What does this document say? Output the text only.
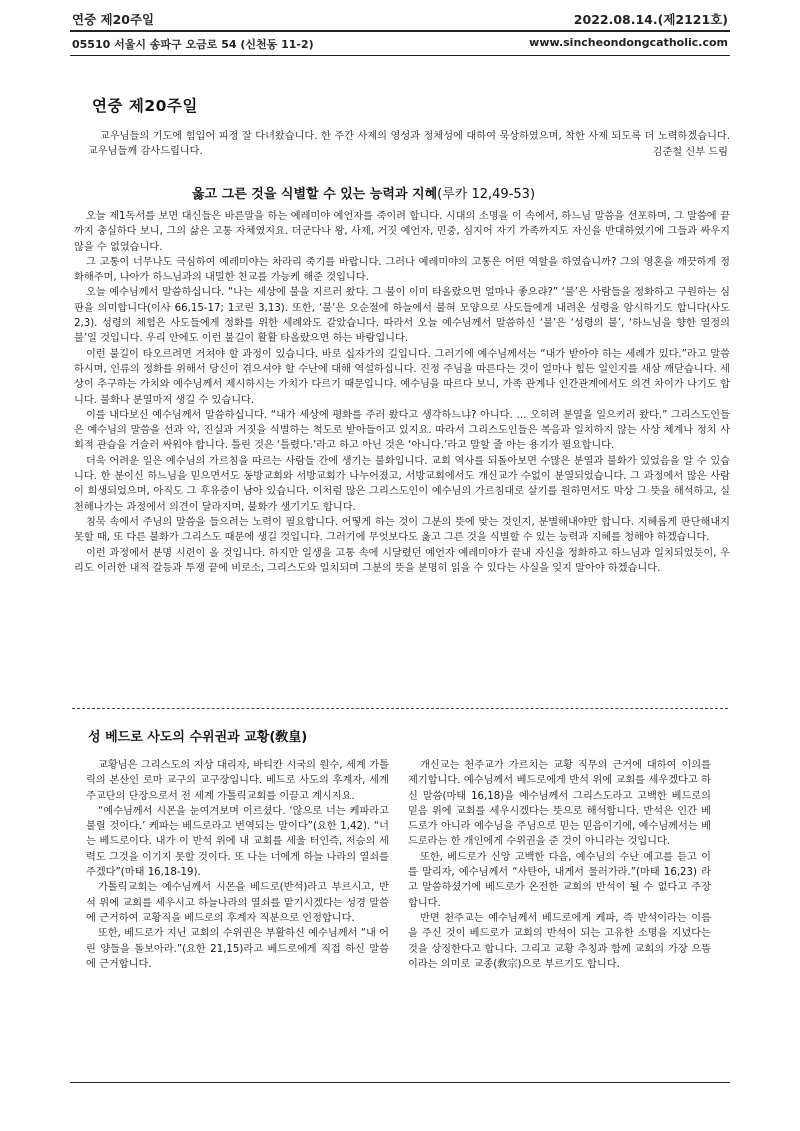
연중 제20주일	2022.08.14.(제2121호)
05510 서울시 송파구 오금로 54 (신천동 11-2)	www.sincheondongcatholic.com
연중 제20주일

교우님들의 기도에 힘입어 피정 잘 다녀왔습니다. 한 주간 사제의 영성과 정체성에 대하여 묵상하였으며, 착한 사제 되도록 더 노력하겠습니다. 교우님들께 감사드립니다.	김준철 신부 드림
옳고 그른 것을 식별할 수 있는 능력과 지혜(루카 12,49-53)

오늘 제1독서를 보면 대신들은 바른말을 하는 예레미야 예언자를 죽이려 합니다. 시대의 소명을 이 속에서, 하느님 말씀을 선포하며, 그 말씀에 끝까지 충실하다 보니, 그의 삶은 고통 자체였지요. 더군다나 왕, 사제, 거짓 예언자, 민중, 심지어 자기 가족까지도 자신을 반대하였기에 그들과 싸우지 않을 수 없었습니다.

그 고통이 너무나도 극심하여 예레미야는 차라리 죽기를 바랍니다. 그러나 예레미야의 고통은 어떤 역할을 하였습니까? 그의 영혼을 깨끗하게 정화해주며, 나아가 하느님과의 내밀한 친교를 가능케 해준 것입니다.

오늘 예수님께서 말씀하십니다. “나는 세상에 불을 지르러 왔다. 그 불이 이미 타올랐으면 얼마나 좋으랴?” ‘불’은 사람들을 정화하고 구원하는 심판을 의미합니다(이사 66,15-17; 1코린 3,13). 또한, ‘불’은 오순절에 하늘에서 불혀 모양으로 사도들에게 내려온 성령을 암시하기도 합니다(사도 2,3). 성령의 체험은 사도들에게 정화를 위한 세례와도 같았습니다. 따라서 오늘 예수님께서 말씀하신 ‘불’은 ‘성령의 불’, ‘하느님을 향한 열정의 불’일 것입니다. 우리 안에도 이런 불길이 활활 타올랐으면 하는 바람입니다.

이런 불길이 타오르려면 거쳐야 할 과정이 있습니다. 바로 십자가의 길입니다. 그러기에 예수님께서는 “내가 받아야 하는 세례가 있다.”라고 말씀하시며, 인류의 정화를 위해서 당신이 겪으셔야 할 수난에 대해 역설하십니다. 진정 주님을 따른다는 것이 얼마나 힘든 일인지를 새삼 깨닫습니다. 세상이 추구하는 가치와 예수님께서 제시하시는 가치가 다르기 때문입니다. 예수님을 따르다 보니, 가족 관계나 인간관계에서도 의견 차이가 나기도 합니다. 불화나 분열마저 생길 수 있습니다.

이를 내다보신 예수님께서 말씀하십니다. “내가 세상에 평화를 주러 왔다고 생각하느냐? 아니다. … 오히려 분열을 일으키러 왔다.” 그리스도인들은 예수님의 말씀을 선과 악, 진실과 거짓을 식별하는 척도로 받아들이고 있지요. 따라서 그리스도인들은 복음과 일치하지 않는 사상 체계나 정치 사회적 관습을 거슬러 싸워야 합니다. 틀린 것은 ‘틀렸다.’라고 하고 아닌 것은 ‘아니다.’라고 말할 줄 아는 용기가 필요합니다.

더욱 어려운 일은 예수님의 가르침을 따르는 사람들 간에 생기는 불화입니다. 교회 역사를 되돌아보면 수많은 분열과 불화가 있었음을 알 수 있습니다. 한 분이신 하느님을 믿으면서도 동방교회와 서방교회가 나누어졌고, 서방교회에서도 개신교가 수없이 분열되었습니다. 그 과정에서 많은 사람이 희생되었으며, 아직도 그 후유증이 남아 있습니다. 이처럼 많은 그리스도인이 예수님의 가르침대로 살기를 원하면서도 막상 그 뜻을 해석하고, 실천해나가는 과정에서 의견이 달라지며, 불화가 생기기도 합니다.

침묵 속에서 주님의 말씀을 들으려는 노력이 필요합니다. 어떻게 하는 것이 그분의 뜻에 맞는 것인지, 분별해내야만 합니다. 지혜롭게 판단해내지 못할 때, 또 다른 불화가 그리스도 때문에 생길 것입니다. 그러기에 무엇보다도 옳고 그른 것을 식별할 수 있는 능력과 지혜를 청해야 하겠습니다.

이런 과정에서 분명 시련이 올 것입니다. 하지만 일생을 고통 속에 시달렸던 예언자 예레미야가 끝내 자신을 정화하고 하느님과 일치되었듯이, 우리도 이러한 내적 갈등과 투쟁 끝에 비로소, 그리스도와 일치되며 그분의 뜻을 분명히 읽을 수 있다는 사실을 잊지 말아야 하겠습니다.

성 베드로 사도의 수위권과 교황(敎皇)

교황님은 그리스도의 지상 대리자, 바티칸 시국의 원수, 세계 가톨릭의 본산인 로마 교구의 교구장입니다. 베드로 사도의 후계자, 세계 주교단의 단장으로서 전 세계 가톨릭교회를 이끌고 계시지요.

“예수님께서 시몬을 눈여겨보며 이르셨다. ‘않으로 너는 케파라고 불릴 것이다.’ 케파는 베드로라고 번역되는 말이다”(요한 1,42). “너는 베드로이다. 내가 이 반석 위에 내 교회를 세울 터인즉, 저승의 세력도 그것을 이기지 못할 것이다. 또 나는 너에게 하늘 나라의 열쇠를 주겠다”(마태 16,18-19).

가톨릭교회는 예수님께서 시몬을 베드로(반석)라고 부르시고, 반석 위에 교회를 세우시고 하늘나라의 열쇠를 맡기시겠다는 성경 말씀에 근거하여 교황직을 베드로의 후계자 직분으로 인정합니다.

또한, 베드로가 지닌 교회의 수위권은 부활하신 예수님께서 “내 어린 양들을 돌보아라.”(요한 21,15)라고 베드로에게 직접 하신 말씀에 근거합니다.

개신교는 천주교가 가르치는 교황 직무의 근거에 대하여 이의를 제기합니다. 예수님께서 베드로에게 반석 위에 교회를 세우겠다고 하신 말씀(마태 16,18)을 예수님께서 그리스도라고 고백한 베드로의 믿음 위에 교회를 세우시겠다는 뜻으로 해석합니다. 반석은 인간 베드로가 아니라 예수님을 주님으로 믿는 믿음이기에, 예수님께서는 베드로라는 한 개인에게 수위권을 준 것이 아니라는 것입니다.

또한, 베드로가 신앙 고백한 다음, 예수님의 수난 예고를 듣고 이를 말리자, 예수님께서 “사탄아, 내게서 물러가라.”(마태 16,23) 라고 말씀하셨기에 베드로가 온전한 교회의 반석이 될 수 없다고 주장합니다.

반면 천주교는 예수님께서 베드로에게 케파, 즉 반석이라는 이름을 주신 것이 베드로가 교회의 반석이 되는 고유한 소명을 지녔다는 것을 상징한다고 합니다. 그리고 교황 추칭과 함께 교회의 가장 으뜸이라는 의미로 교종(敎宗)으로 부르기도 합니다.
